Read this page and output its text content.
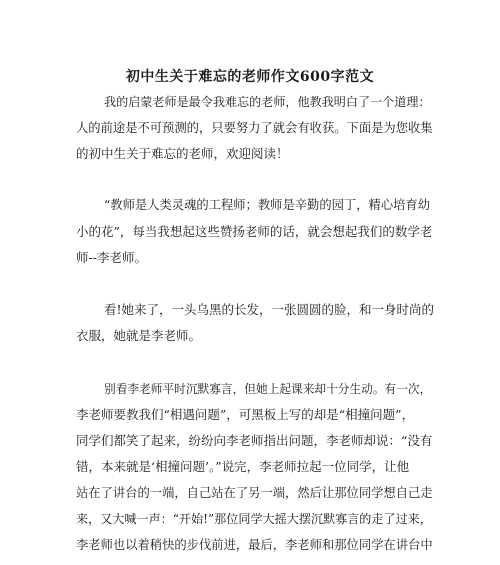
初中生关于难忘的老师作文600字范文
我的启蒙老师是最令我难忘的老师，他教我明白了一个道理：
人的前途是不可预测的，只要努力了就会有收获。下面是为您收集
的初中生关于难忘的老师，欢迎阅读！
“教师是人类灵魂的工程师；教师是辛勤的园丁，精心培育幼
小的花”，每当我想起这些赞扬老师的话，就会想起我们的数学老
师--李老师。
看!她来了，一头乌黑的长发，一张圆圆的脸，和一身时尚的
衣服，她就是李老师。
别看李老师平时沉默寡言，但她上起课来却十分生动。有一次，
李老师要教我们“相遇问题”，可黑板上写的却是“相撞问题”，
同学们都笑了起来，纷纷向李老师指出问题，李老师却说：“没有
错，本来就是‘相撞问题’。”说完，李老师拉起一位同学，让他
站在了讲台的一端，自己站在了另一端，然后让那位同学想自己走
来，又大喊一声：“开始!”那位同学大摇大摆沉默寡言的走了过来，
李老师也以着稍快的步伐前进，最后，李老师和那位同学在讲台中
